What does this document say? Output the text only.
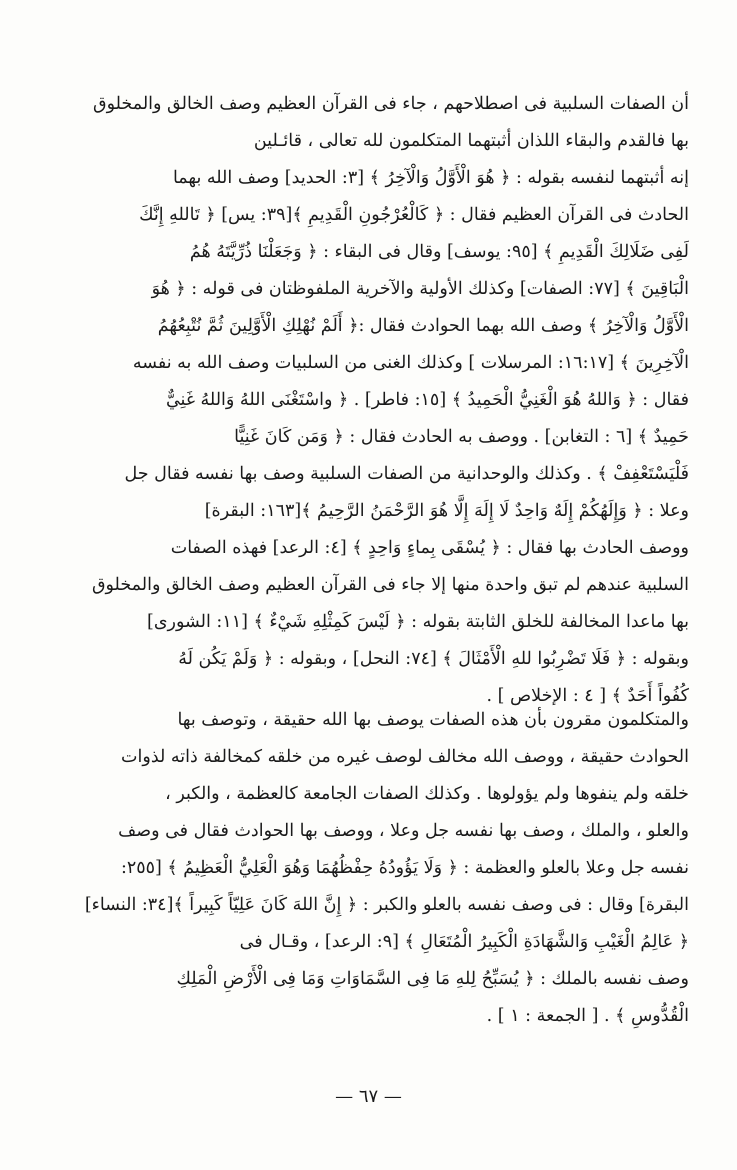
أن الصفات السلبية فى اصطلاحهم ، جاء فى القرآن العظيم وصف الخالق والمخلوق
بها فالقدم والبقاء اللذان أثبتهما المتكلمون لله تعالى ، قائـلين
إنه أثبتهما لنفسه بقوله : ﴿ هُوَ الْأَوَّلُ وَالْآخِرُ ﴾ [٣: الحديد] وصف الله بهما
الحادث فى القرآن العظيم فقال : ﴿ كَالْعُرْجُونِ الْقَدِيمِ ﴾[٣٩: يس] ﴿ تَاللهِ إِنَّكَ
لَفِى ضَلَالِكَ الْقَدِيمِ ﴾ [٩٥: يوسف] وقال فى البقاء : ﴿ وَجَعَلْنَا ذُرِّيَّتَهُ هُمُ
الْبَاقِينَ ﴾ [٧٧: الصفات] وكذلك الأولية والآخرية الملفوظتان فى قوله : ﴿ هُوَ
الْأَوَّلُ وَالْآخِرُ ﴾ وصف الله بهما الحوادث فقال :﴿ أَلَمْ نُهْلِكِ الْأَوَّلِينَ ثُمَّ نُتْبِعُهُمُ
الْآخِرِينَ ﴾ [١٦:١٧: المرسلات ] وكذلك الغنى من السلبيات وصف الله به نفسه
فقال : ﴿ وَاللهُ هُوَ الْغَنِيُّ الْحَمِيدُ ﴾ [١٥: فاطر] . ﴿ واسْتَغْنَى اللهُ وَاللهُ غَنِيٌّ
حَمِيدٌ ﴾ [٦ : التغابن] . ووصف به الحادث فقال : ﴿ وَمَن كَانَ غَنِيًّا
فَلْيَسْتَعْفِفْ ﴾ . وكذلك والوحدانية من الصفات السلبية وصف بها نفسه فقال جل
وعلا : ﴿ وَإِلَهُكُمْ إِلَهٌ وَاحِدٌ لَا إِلَهَ إِلَّا هُوَ الرَّحْمَنُ الرَّحِيمُ ﴾[١٦٣: البقرة]
ووصف الحادث بها فقال : ﴿ يُسْقَى بِماءٍ وَاحِدٍ ﴾ [٤: الرعد] فهذه الصفات
السلبية عندهم لم تبق واحدة منها إلا جاء فى القرآن العظيم وصف الخالق والمخلوق
بها ماعدا المخالفة للخلق الثابتة بقوله : ﴿ لَيْسَ كَمِثْلِهِ شَيْءٌ ﴾ [١١: الشورى]
وبقوله : ﴿ فَلَا تَضْرِبُوا للهِ الْأَمْثَالَ ﴾ [٧٤: النحل] ، وبقوله : ﴿ وَلَمْ يَكُن لَهُ
كُفُواً أَحَدٌ ﴾ [ ٤ : الإخلاص ] .
والمتكلمون مقرون بأن هذه الصفات يوصف بها الله حقيقة ، وتوصف بها
الحوادث حقيقة ، ووصف الله مخالف لوصف غيره من خلقه كمخالفة ذاته لذوات
خلقه ولم ينفوها ولم يؤولوها . وكذلك الصفات الجامعة كالعظمة ، والكبر ،
والعلو ، والملك ، وصف بها نفسه جل وعلا ، ووصف بها الحوادث فقال فى وصف
نفسه جل وعلا بالعلو والعظمة : ﴿ وَلَا يَؤُودُهُ حِفْظُهُمَا وَهُوَ الْعَلِيُّ الْعَظِيمُ ﴾ [٢٥٥:
البقرة] وقال : فى وصف نفسه بالعلو والكبر : ﴿ إِنَّ اللهَ كَانَ عَلِيّاً كَبِيراً ﴾[٣٤: النساء]
﴿ عَالِمُ الْغَيْبِ وَالشَّهَادَةِ الْكَبِيرُ الْمُتَعَالِ ﴾ [٩: الرعد] ، وقـال فى
وصف نفسه بالملك : ﴿ يُسَبِّحُ لِلهِ مَا فِى السَّمَاوَاتِ وَمَا فِى الْأَرْضِ الْمَلِكِ
الْقُدُّوسِ ﴾ . [ الجمعة : ١ ] .
— ٦٧ —
